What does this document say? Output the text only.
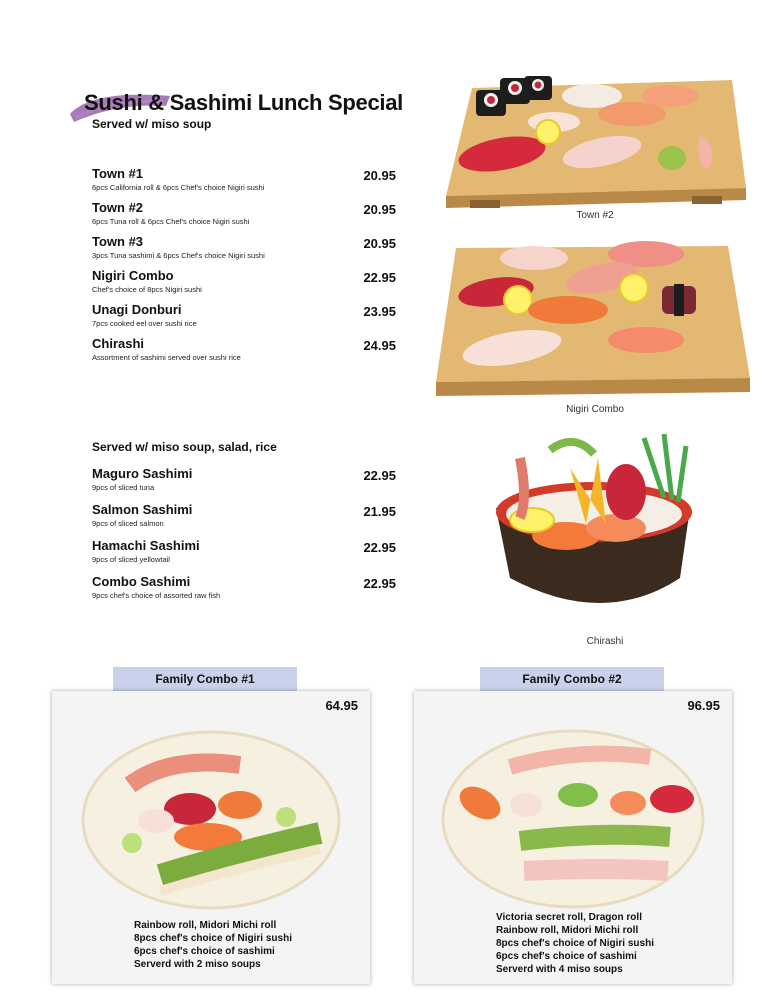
Sushi & Sashimi Lunch Special
Served w/ miso soup
Town #1
6pcs California roll & 6pcs Chef's choice Nigiri sushi
20.95
Town #2
6pcs Tuna roll & 6pcs Chef's choice Nigiri sushi
20.95
Town #3
3pcs Tuna sashimi & 6pcs Chef's choice Nigiri sushi
20.95
Nigiri Combo
Chef's choice of 8pcs Nigiri sushi
22.95
Unagi Donburi
7pcs cooked eel over sushi rice
23.95
Chirashi
Assortment of sashimi served over sushi rice
24.95
Served w/ miso soup, salad, rice
Maguro Sashimi
9pcs of sliced tuna
22.95
Salmon Sashimi
9pcs of sliced salmon
21.95
Hamachi Sashimi
9pcs of sliced yellowtail
22.95
Combo Sashimi
9pcs chef's choice of assorted raw fish
22.95
Town #2
Nigiri Combo
Chirashi
Family Combo #1
64.95
Rainbow roll, Midori Michi roll
8pcs chef's choice of Nigiri sushi
6pcs chef's choice of sashimi
Serverd with 2 miso soups
Family Combo #2
96.95
Victoria secret roll, Dragon roll
Rainbow roll, Midori Michi roll
8pcs chef's choice of Nigiri sushi
6pcs chef's choice of sashimi
Serverd with 4 miso soups
